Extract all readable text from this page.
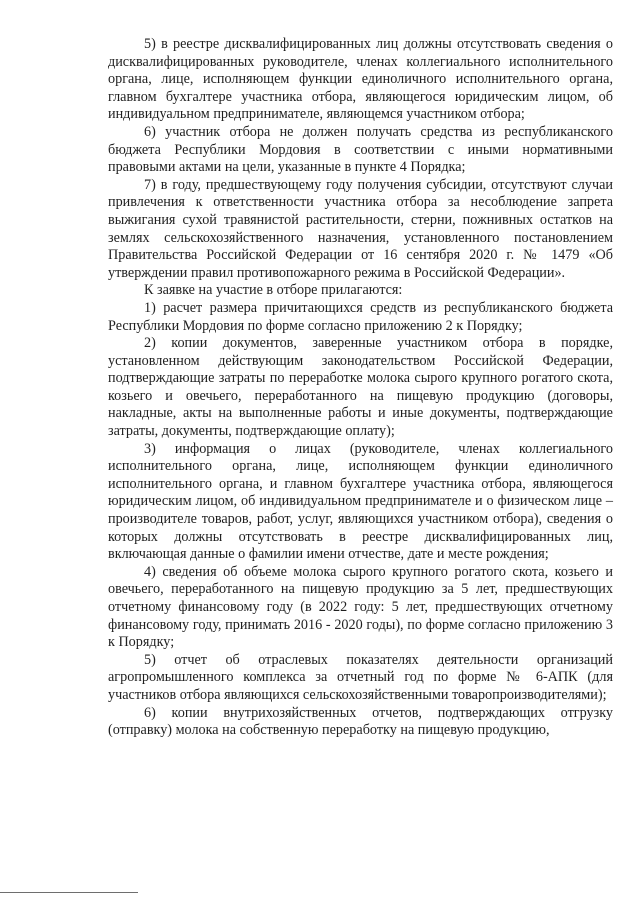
5) в реестре дисквалифицированных лиц должны отсутствовать сведения о дисквалифицированных руководителе, членах коллегиального исполнительного органа, лице, исполняющем функции единоличного исполнительного органа, главном бухгалтере участника отбора, являющегося юридическим лицом, об индивидуальном предпринимателе, являющемся участником отбора;

6) участник отбора не должен получать средства из республиканского бюджета Республики Мордовия в соответствии с иными нормативными правовыми актами на цели, указанные в пункте 4 Порядка;

7) в году, предшествующему году получения субсидии, отсутствуют случаи привлечения к ответственности участника отбора за несоблюдение запрета выжигания сухой травянистой растительности, стерни, пожнивных остатков на землях сельскохозяйственного назначения, установленного постановлением Правительства Российской Федерации от 16 сентября 2020 г. № 1479 «Об утверждении правил противопожарного режима в Российской Федерации».

К заявке на участие в отборе прилагаются:

1) расчет размера причитающихся средств из республиканского бюджета Республики Мордовия по форме согласно приложению 2 к Порядку;

2) копии документов, заверенные участником отбора в порядке, установленном действующим законодательством Российской Федерации, подтверждающие затраты по переработке молока сырого крупного рогатого скота, козьего и овечьего, переработанного на пищевую продукцию (договоры, накладные, акты на выполненные работы и иные документы, подтверждающие затраты, документы, подтверждающие оплату);

3) информация о лицах (руководителе, членах коллегиального исполнительного органа, лице, исполняющем функции единоличного исполнительного органа, и главном бухгалтере участника отбора, являющегося юридическим лицом, об индивидуальном предпринимателе и о физическом лице – производителе товаров, работ, услуг, являющихся участником отбора), сведения о которых должны отсутствовать в реестре дисквалифицированных лиц, включающая данные о фамилии имени отчестве, дате и месте рождения;

4) сведения об объеме молока сырого крупного рогатого скота, козьего и овечьего, переработанного на пищевую продукцию за 5 лет, предшествующих отчетному финансовому году (в 2022 году: 5 лет, предшествующих отчетному финансовому году, принимать 2016 - 2020 годы), по форме согласно приложению 3 к Порядку;

5) отчет об отраслевых показателях деятельности организаций агропромышленного комплекса за отчетный год по форме № 6-АПК (для участников отбора являющихся сельскохозяйственными товаропроизводителями);

6) копии внутрихозяйственных отчетов, подтверждающих отгрузку (отправку) молока на собственную переработку на пищевую продукцию,
